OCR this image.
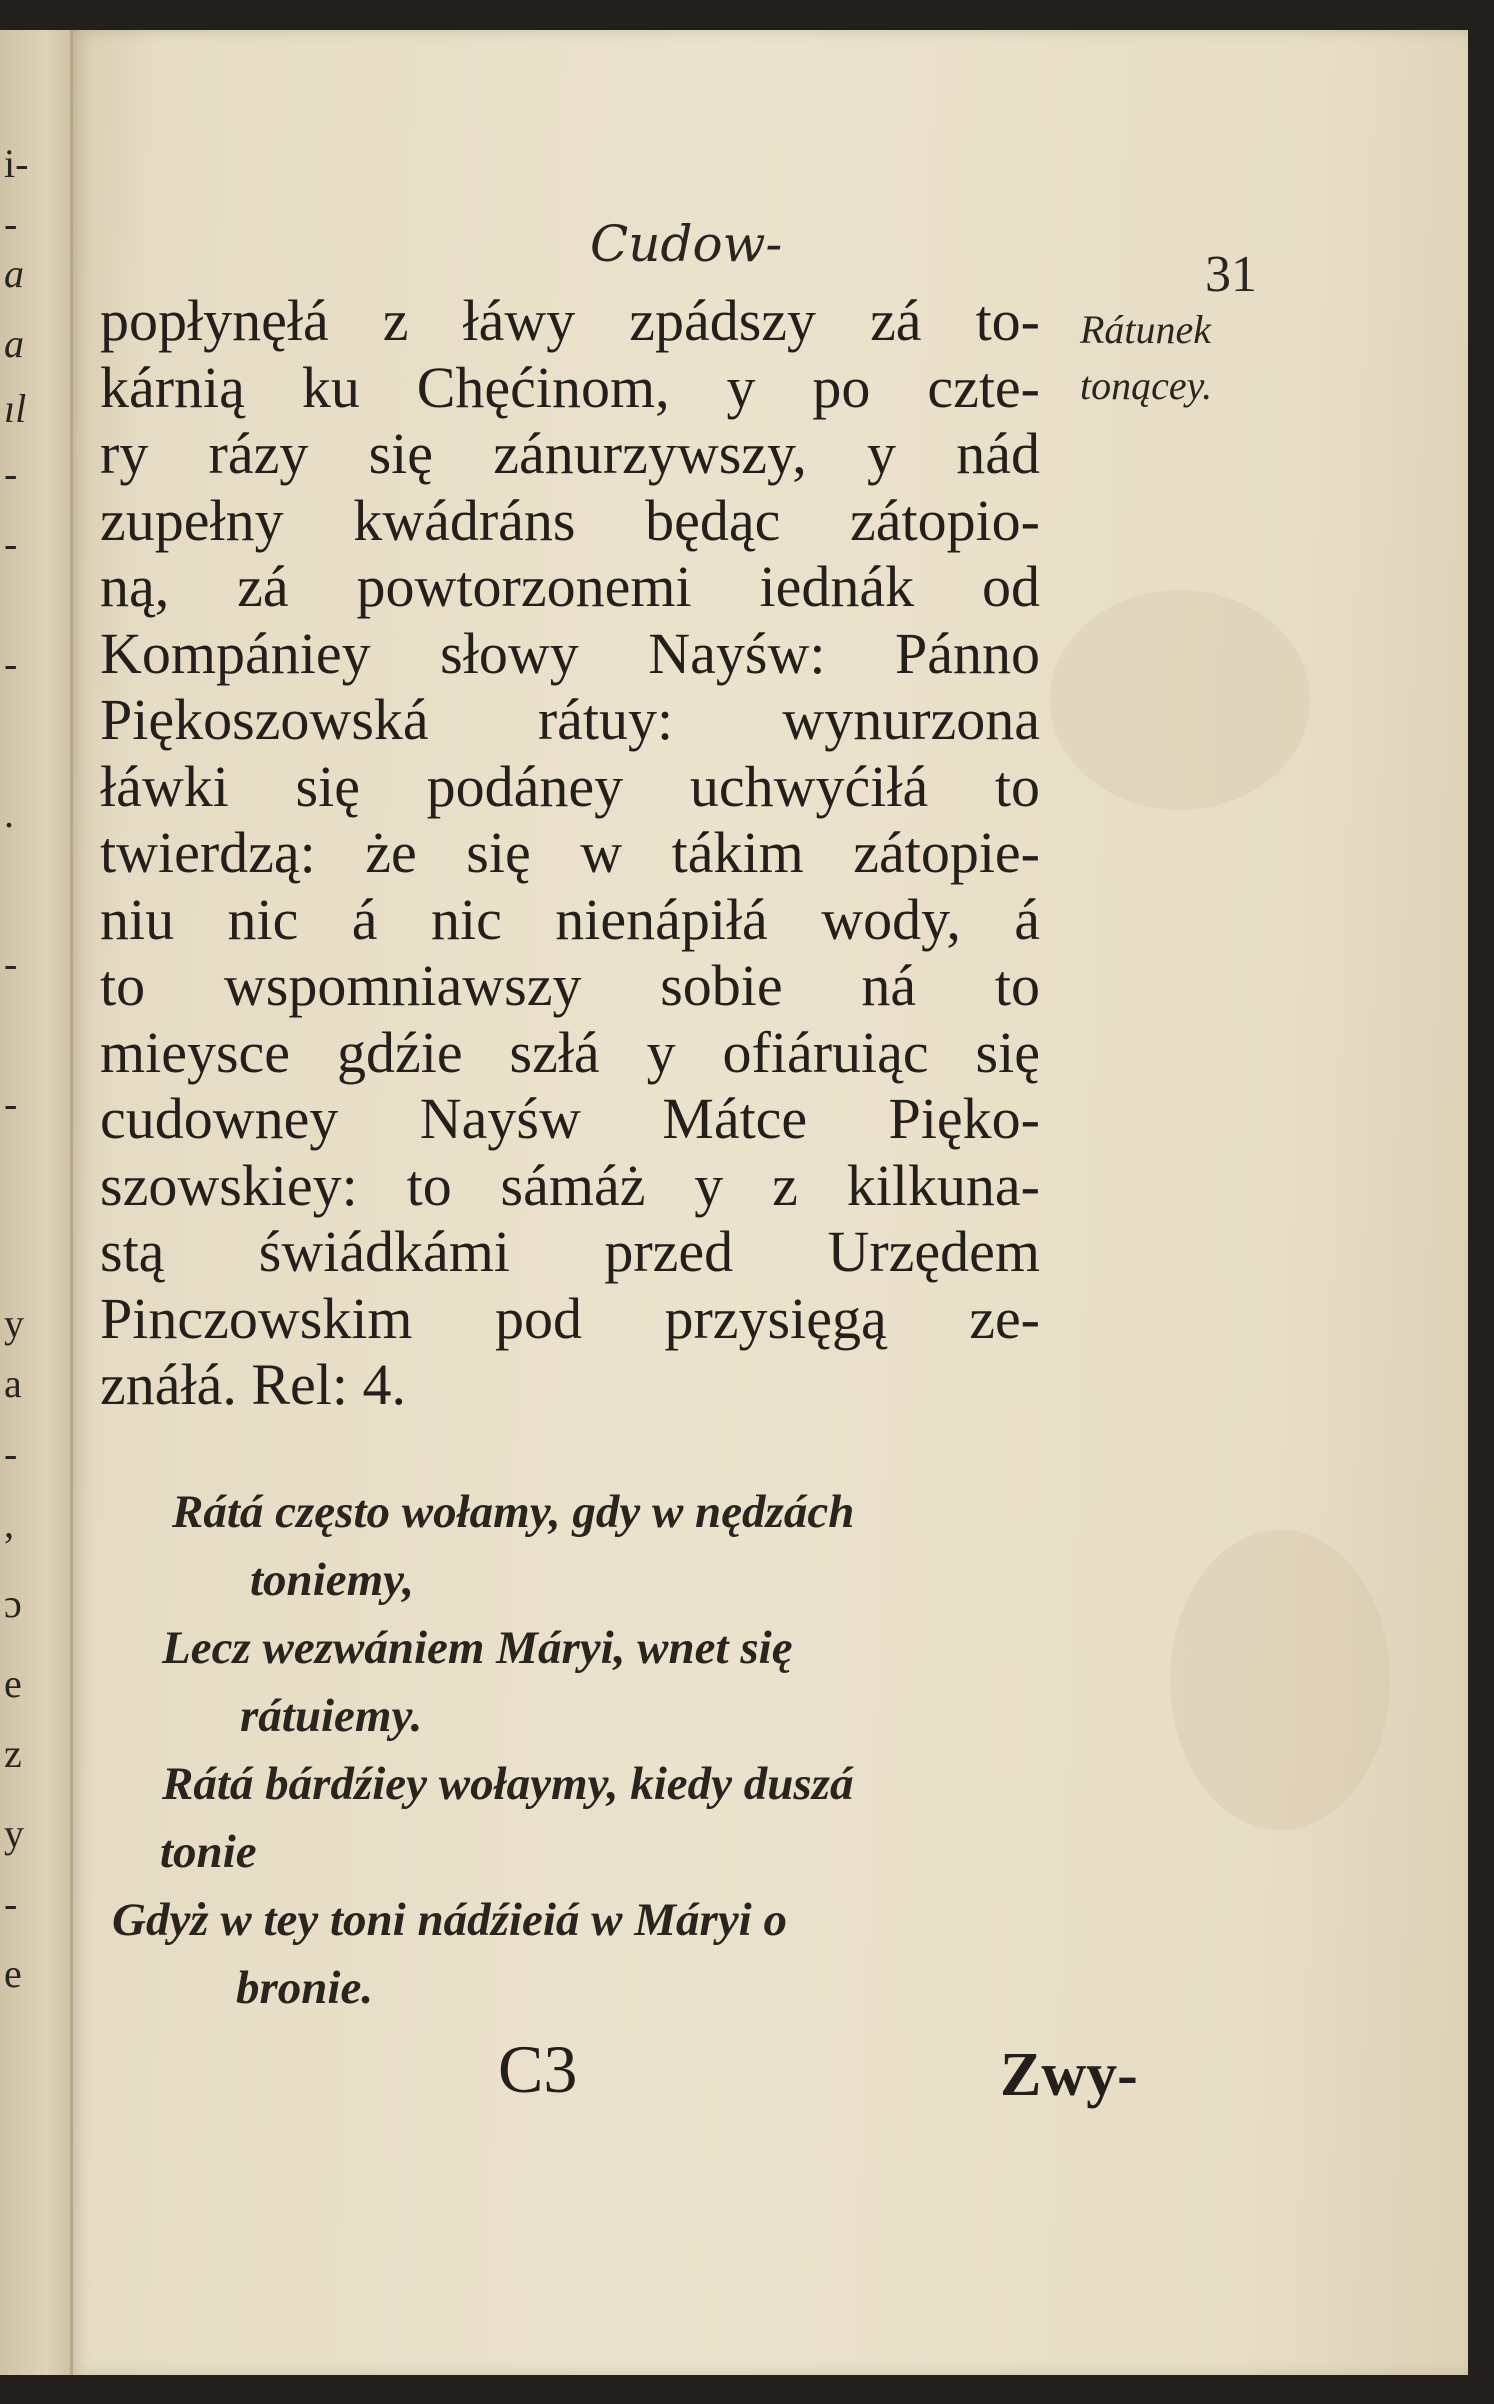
i-
-
a
a
ıl
-
-
-
.
-
-
y
a
-
,
ɔ
e
z
y
-
e
Cudow-
31
Rátunek
tonącey.
popłynęłá z łáwy zpádszy zá to-
kárnią ku Chęćinom, y po czte-
ry rázy się zánurzywszy, y nád
zupełny kwádráns będąc zátopio-
ną, zá powtorzonemi iednák od
Kompániey słowy Nayśw: Pánno
Piękoszowská rátuy: wynurzona
łáwki się podáney uchwyćiłá to
twierdzą: że się w tákim zátopie-
niu nic á nic nienápiłá wody, á
to wspomniawszy sobie ná to
mieysce gdźie szłá y ofiáruiąc się
cudowney Nayśw Mátce Pięko-
szowskiey: to sámáż y z kilkuna-
stą świádkámi przed Urzędem
Pinczowskim pod przysięgą ze-
znáłá. Rel: 4.
Rátá często wołamy, gdy w nędzách
toniemy,
Lecz wezwániem Máryi, wnet się
rátuiemy.
Rátá bárdźiey wołaymy, kiedy duszá
tonie
Gdyż w tey toni nádźieiá w Máryi o
bronie.
C3	Zwy-
